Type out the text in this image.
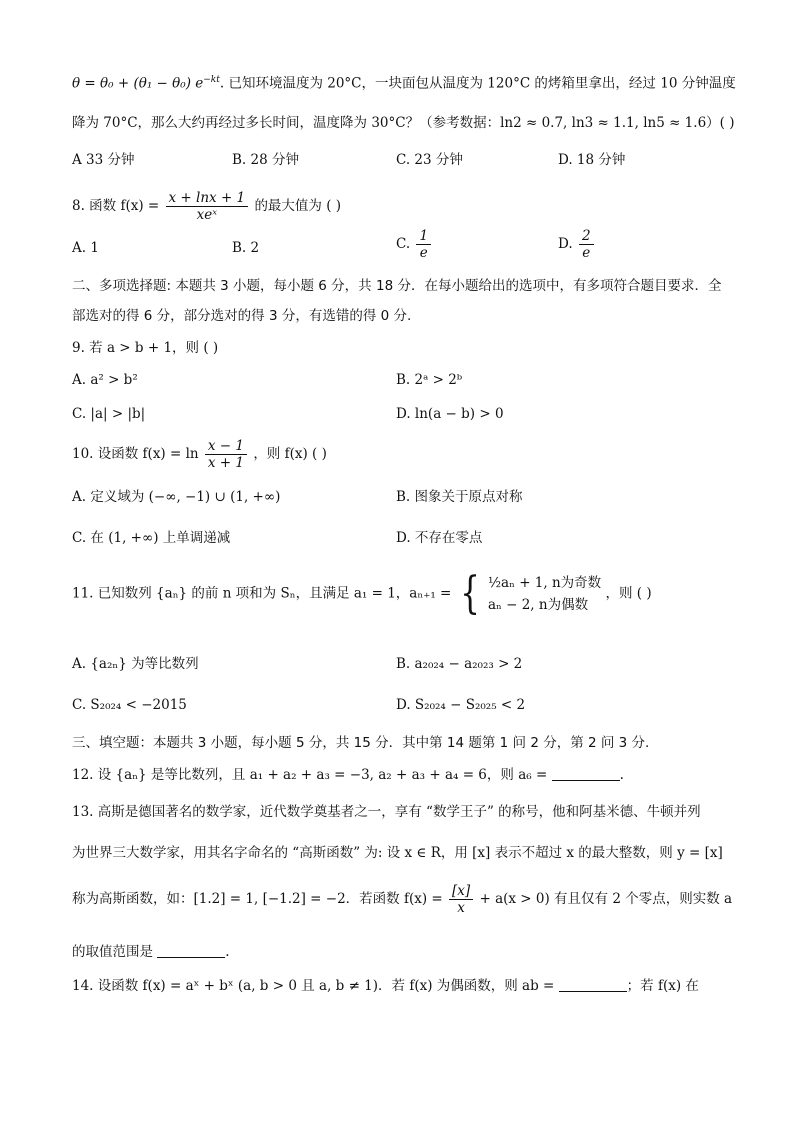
θ = θ₀ + (θ₁ − θ₀) $e^{-kt}$. 已知环境温度为 20°C，一块面包从温度为 120°C 的烤箱里拿出，经过 10 分钟温度
降为 70°C，那么大约再经过多长时间，温度降为 30°C？（参考数据：ln2 ≈ 0.7, ln3 ≈ 1.1, ln5 ≈ 1.6）( )
A 33 分钟	B. 28 分钟	C. 23 分钟	D. 18 分钟
8. 函数 $f(x) = \frac{x + \ln x + 1}{\text{xeˣ}}$ 的最大值为 ( )
A. 1	B. 2	C. $\frac{1}{e}$	D. $\frac{2}{e}$
二、多项选择题: 本题共 3 小题，每小题 6 分，共 18 分．在每小题给出的选项中，有多项符合题目要求．全
部选对的得 6 分，部分选对的得 3 分，有选错的得 0 分.
9. 若 a > b + 1，则 ( )
A. a² > b²	B. 2ᵃ > 2ᵇ
C. |a| > |b|	D. ln(a − b) > 0
10. 设函数 $f(x) = \ln \frac{x - 1}{x + 1}$ ，则 f(x) ( )
A. 定义域为 (−∞, −1) ∪ (1, +∞)	B. 图象关于原点对称
C. 在 (1, +∞) 上单调递减	D. 不存在零点
11. 已知数列 {aₙ} 的前 n 项和为 Sₙ，且满足 a₁ = 1，aₙ₊₁ = { ½aₙ + 1, n为奇数
aₙ − 2, n为偶数
，则 ( )
A. {a₂ₙ} 为等比数列	B. a₂₀₂₄ − a₂₀₂₃ > 2
C. S₂₀₂₄ < −2015	D. S₂₀₂₄ − S₂₀₂₅ < 2
三、填空题：本题共 3 小题，每小题 5 分，共 15 分．其中第 14 题第 1 问 2 分，第 2 问 3 分.
12. 设 {aₙ} 是等比数列，且 a₁ + a₂ + a₃ = −3, a₂ + a₃ + a₄ = 6，则 a₆ =	.
13. 高斯是德国著名的数学家，近代数学奠基者之一，享有 “数学王子” 的称号，他和阿基米德、牛顿并列
为世界三大数学家，用其名字命名的 “高斯函数” 为: 设 x ∈ R，用 [x] 表示不超过 x 的最大整数，则 y = [x]
称为高斯函数，如：[1.2] = 1, [−1.2] = −2．若函数 $f(x) = \frac{[x]}{x} + a(x > 0)$ 有且仅有 2 个零点，则实数 a
的取值范围是	.
14. 设函数 f(x) = aˣ + bˣ (a, b > 0 且 a, b ≠ 1)．若 f(x) 为偶函数，则 ab =	；若 f(x) 在
